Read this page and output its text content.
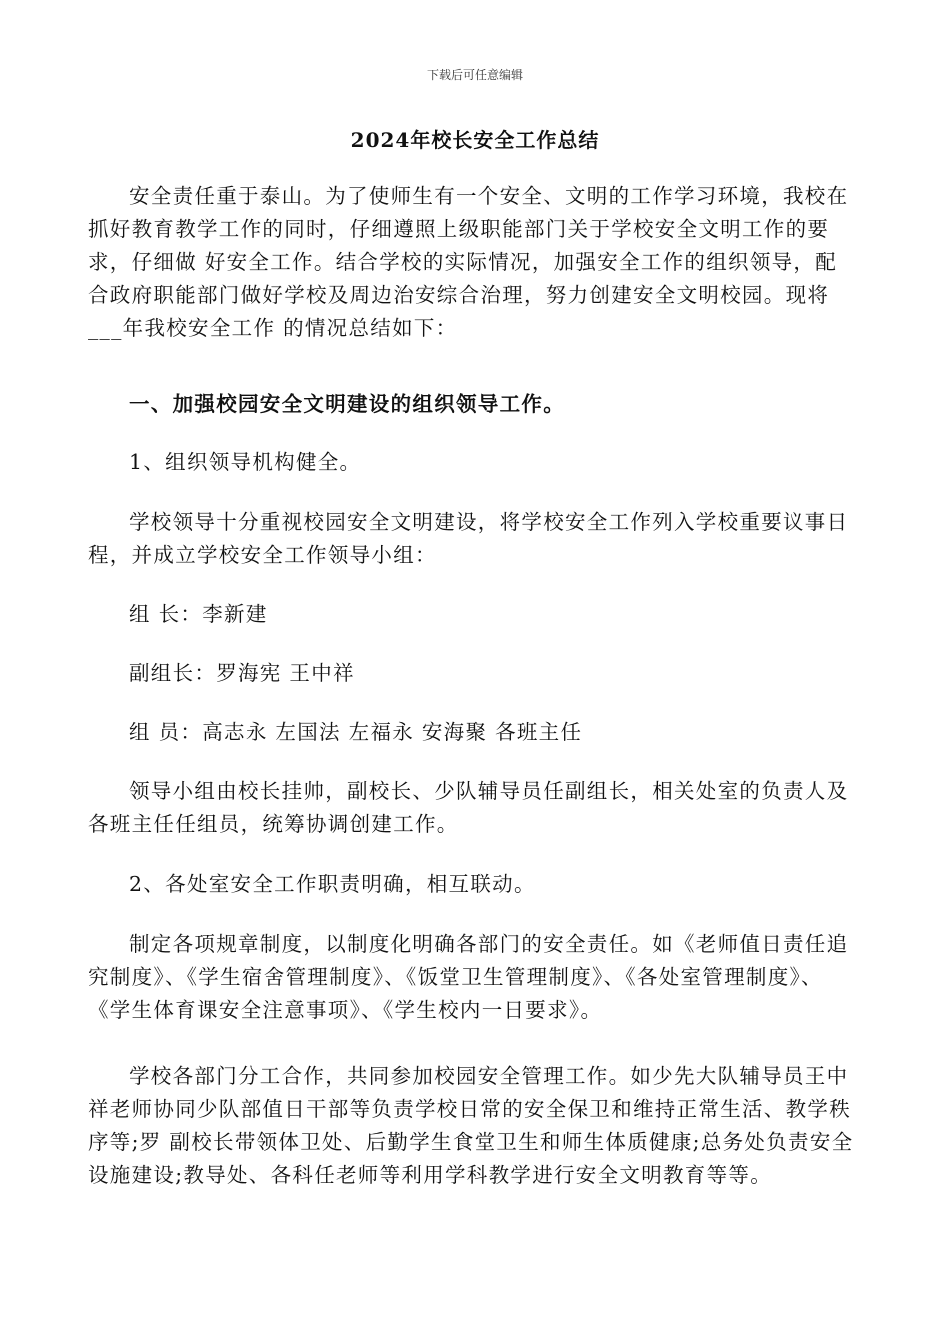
下载后可任意编辑
2024年校长安全工作总结

安全责任重于泰山。为了使师生有一个安全、文明的工作学习环境，我校在抓好教育教学工作的同时，仔细遵照上级职能部门关于学校安全文明工作的要求，仔细做 好安全工作。结合学校的实际情况，加强安全工作的组织领导，配合政府职能部门做好学校及周边治安综合治理，努力创建安全文明校园。现将___年我校安全工作 的情况总结如下：

一、加强校园安全文明建设的组织领导工作。

1、组织领导机构健全。

学校领导十分重视校园安全文明建设，将学校安全工作列入学校重要议事日程，并成立学校安全工作领导小组：

组 长：李新建

副组长：罗海宪 王中祥

组 员：高志永 左国法 左福永 安海聚 各班主任

领导小组由校长挂帅，副校长、少队辅导员任副组长，相关处室的负责人及各班主任任组员，统筹协调创建工作。

2、各处室安全工作职责明确，相互联动。

制定各项规章制度，以制度化明确各部门的安全责任。如《老师值日责任追究制度》、《学生宿舍管理制度》、《饭堂卫生管理制度》、《各处室管理制度》、《学生体育课安全注意事项》、《学生校内一日要求》。

学校各部门分工合作，共同参加校园安全管理工作。如少先大队辅导员王中祥老师协同少队部值日干部等负责学校日常的安全保卫和维持正常生活、教学秩序等;罗 副校长带领体卫处、后勤学生食堂卫生和师生体质健康;总务处负责安全设施建设;教导处、各科任老师等利用学科教学进行安全文明教育等等。
